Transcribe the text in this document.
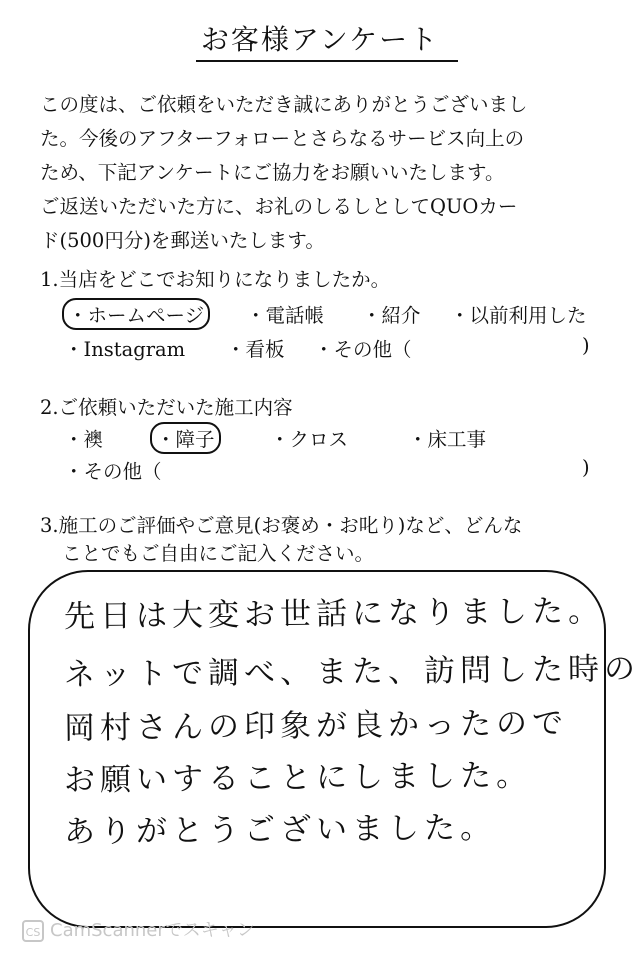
お客様アンケート
この度は、ご依頼をいただき誠にありがとうございまし
た。今後のアフターフォローとさらなるサービス向上の
ため、下記アンケートにご協力をお願いいたします。
ご返送いただいた方に、お礼のしるしとしてQUOカー
ド(500円分)を郵送いたします。
1.当店をどこでお知りになりましたか。
・ホームページ	・電話帳 ・紹介 ・以前利用した
・Instagram ・看板 ・その他（	)
2.ご依頼いただいた施工内容
・襖	・障子	・クロス	・床工事
・その他（	)
3.施工のご評価やご意見(お褒め・お叱り)など、どんな
ことでもご自由にご記入ください。
先日は大変お世話になりました。
ネットで調べ、また、訪問した時の
岡村さんの印象が良かったので
お願いすることにしました。
ありがとうございました。
CS CamScannerでスキャン
